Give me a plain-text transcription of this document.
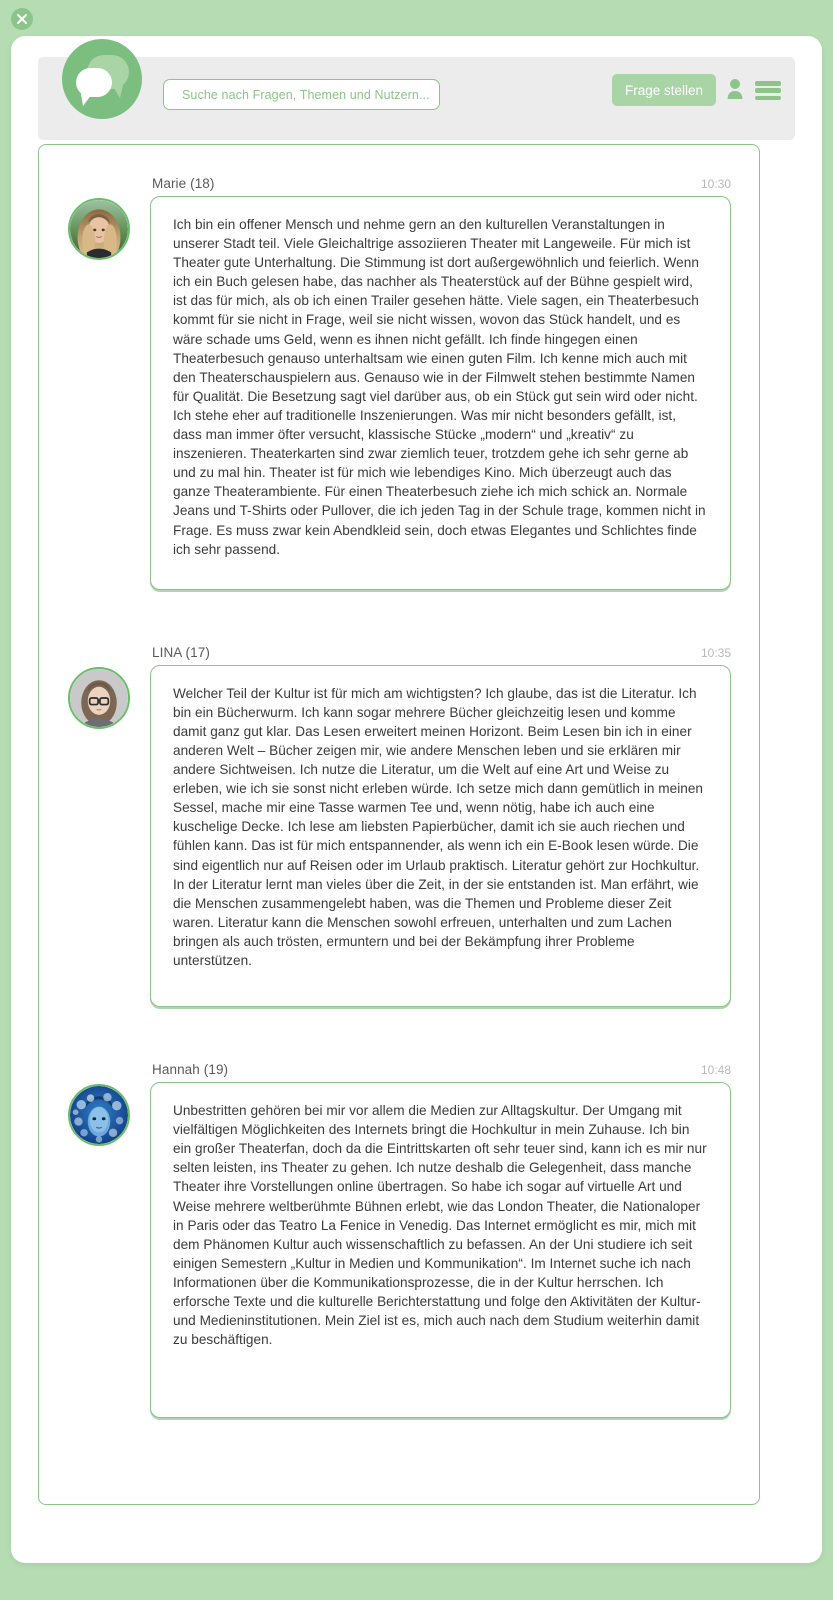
Suche nach Fragen, Themen und Nutzern...	Frage stellen
Marie (18)	10:30

Ich bin ein offener Mensch und nehme gern an den kulturellen Veranstaltungen in unserer Stadt teil. Viele Gleichaltrige assoziieren Theater mit Langeweile. Für mich ist Theater gute Unterhaltung. Die Stimmung ist dort außergewöhnlich und feierlich. Wenn ich ein Buch gelesen habe, das nachher als Theaterstück auf der Bühne gespielt wird, ist das für mich, als ob ich einen Trailer gesehen hätte. Viele sagen, ein Theaterbesuch kommt für sie nicht in Frage, weil sie nicht wissen, wovon das Stück handelt, und es wäre schade ums Geld, wenn es ihnen nicht gefällt. Ich finde hingegen einen Theaterbesuch genauso unterhaltsam wie einen guten Film. Ich kenne mich auch mit den Theaterschauspielern aus. Genauso wie in der Filmwelt stehen bestimmte Namen für Qualität. Die Besetzung sagt viel darüber aus, ob ein Stück gut sein wird oder nicht. Ich stehe eher auf traditionelle Inszenierungen. Was mir nicht besonders gefällt, ist, dass man immer öfter versucht, klassische Stücke „modern“ und „kreativ“ zu inszenieren. Theaterkarten sind zwar ziemlich teuer, trotzdem gehe ich sehr gerne ab und zu mal hin. Theater ist für mich wie lebendiges Kino. Mich überzeugt auch das ganze Theaterambiente. Für einen Theaterbesuch ziehe ich mich schick an. Normale Jeans und T-Shirts oder Pullover, die ich jeden Tag in der Schule trage, kommen nicht in Frage. Es muss zwar kein Abendkleid sein, doch etwas Elegantes und Schlichtes finde ich sehr passend.

LINA (17)	10:35

Welcher Teil der Kultur ist für mich am wichtigsten? Ich glaube, das ist die Literatur. Ich bin ein Bücherwurm. Ich kann sogar mehrere Bücher gleichzeitig lesen und komme damit ganz gut klar. Das Lesen erweitert meinen Horizont. Beim Lesen bin ich in einer anderen Welt – Bücher zeigen mir, wie andere Menschen leben und sie erklären mir andere Sichtweisen. Ich nutze die Literatur, um die Welt auf eine Art und Weise zu erleben, wie ich sie sonst nicht erleben würde. Ich setze mich dann gemütlich in meinen Sessel, mache mir eine Tasse warmen Tee und, wenn nötig, habe ich auch eine kuschelige Decke. Ich lese am liebsten Papierbücher, damit ich sie auch riechen und fühlen kann. Das ist für mich entspannender, als wenn ich ein E-Book lesen würde. Die sind eigentlich nur auf Reisen oder im Urlaub praktisch. Literatur gehört zur Hochkultur. In der Literatur lernt man vieles über die Zeit, in der sie entstanden ist. Man erfährt, wie die Menschen zusammengelebt haben, was die Themen und Probleme dieser Zeit waren. Literatur kann die Menschen sowohl erfreuen, unterhalten und zum Lachen bringen als auch trösten, ermuntern und bei der Bekämpfung ihrer Probleme unterstützen.

Hannah (19)	10:48

Unbestritten gehören bei mir vor allem die Medien zur Alltagskultur. Der Umgang mit vielfältigen Möglichkeiten des Internets bringt die Hochkultur in mein Zuhause. Ich bin ein großer Theaterfan, doch da die Eintrittskarten oft sehr teuer sind, kann ich es mir nur selten leisten, ins Theater zu gehen. Ich nutze deshalb die Gelegenheit, dass manche Theater ihre Vorstellungen online übertragen. So habe ich sogar auf virtuelle Art und Weise mehrere weltberühmte Bühnen erlebt, wie das London Theater, die Nationaloper in Paris oder das Teatro La Fenice in Venedig. Das Internet ermöglicht es mir, mich mit dem Phänomen Kultur auch wissenschaftlich zu befassen. An der Uni studiere ich seit einigen Semestern „Kultur in Medien und Kommunikation“. Im Internet suche ich nach Informationen über die Kommunikationsprozesse, die in der Kultur herrschen. Ich erforsche Texte und die kulturelle Berichterstattung und folge den Aktivitäten der Kultur- und Medieninstitutionen. Mein Ziel ist es, mich auch nach dem Studium weiterhin damit zu beschäftigen.
